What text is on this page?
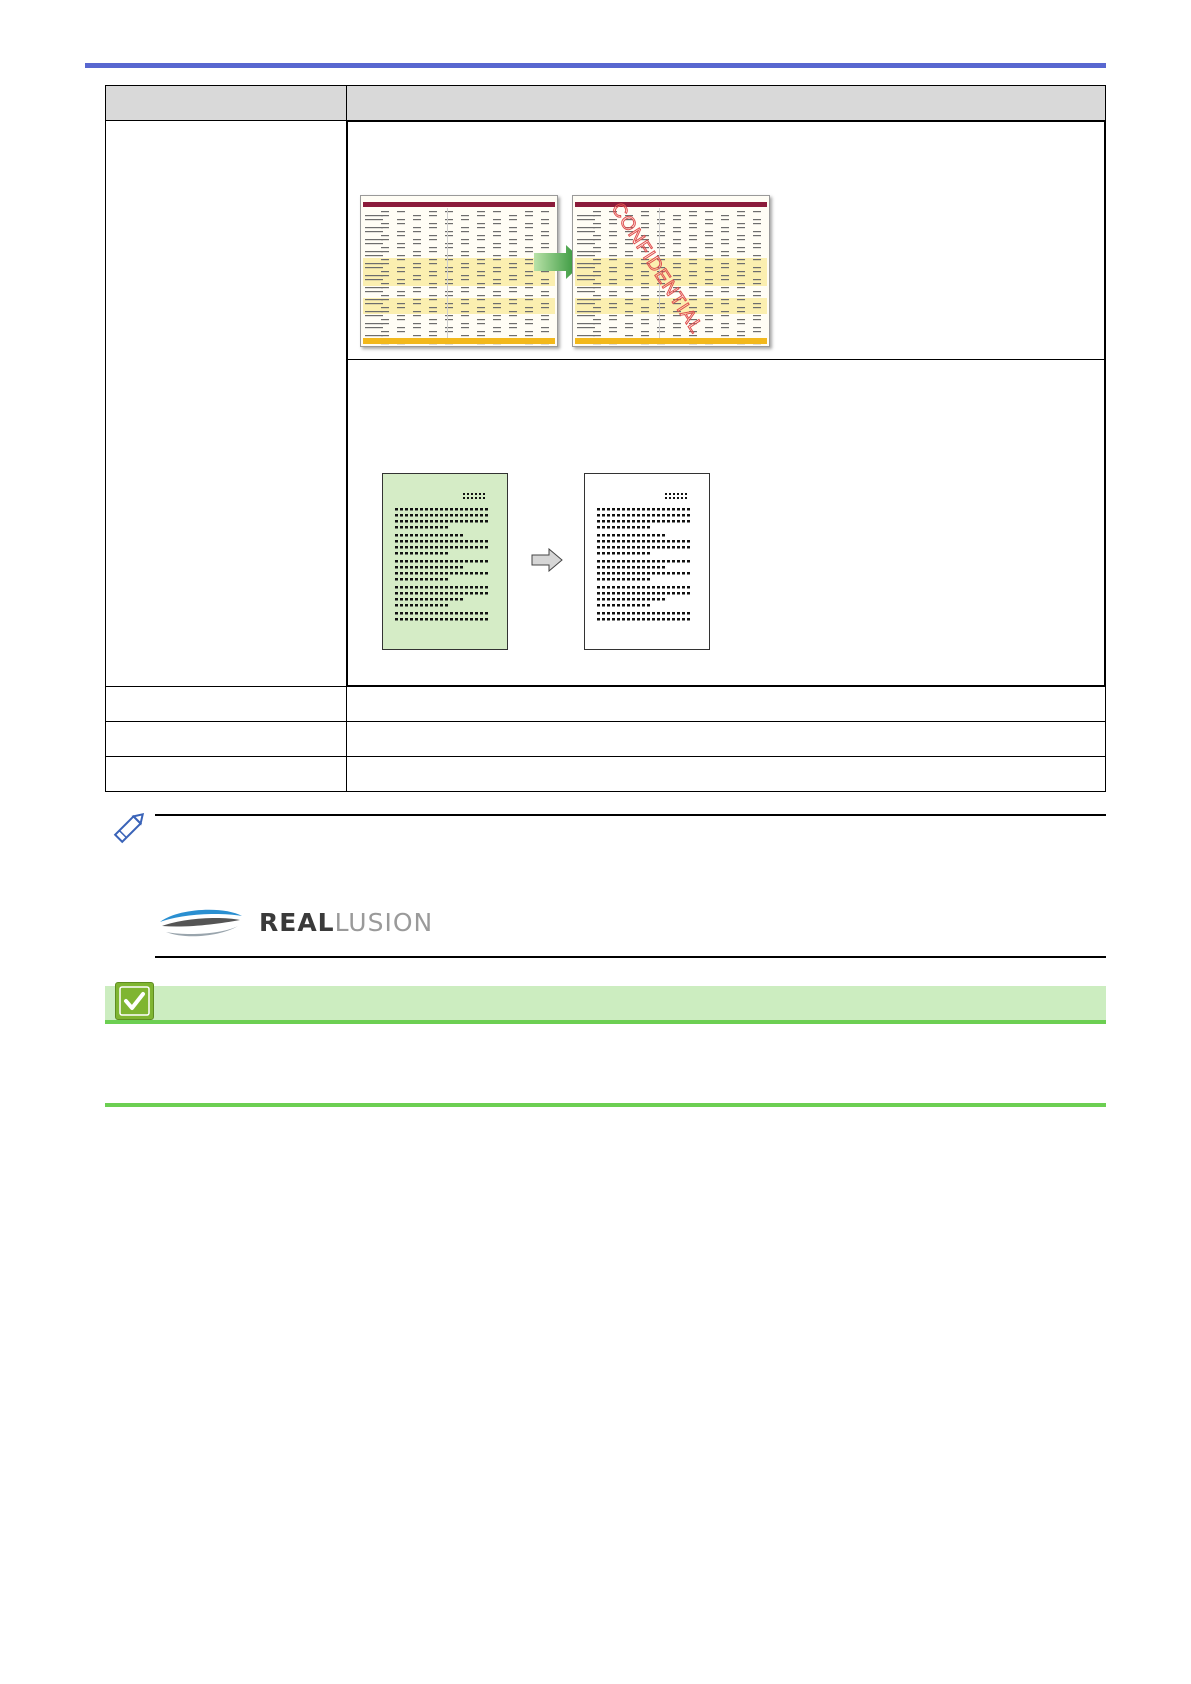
CONFIDENTIAL

REALLUSION
